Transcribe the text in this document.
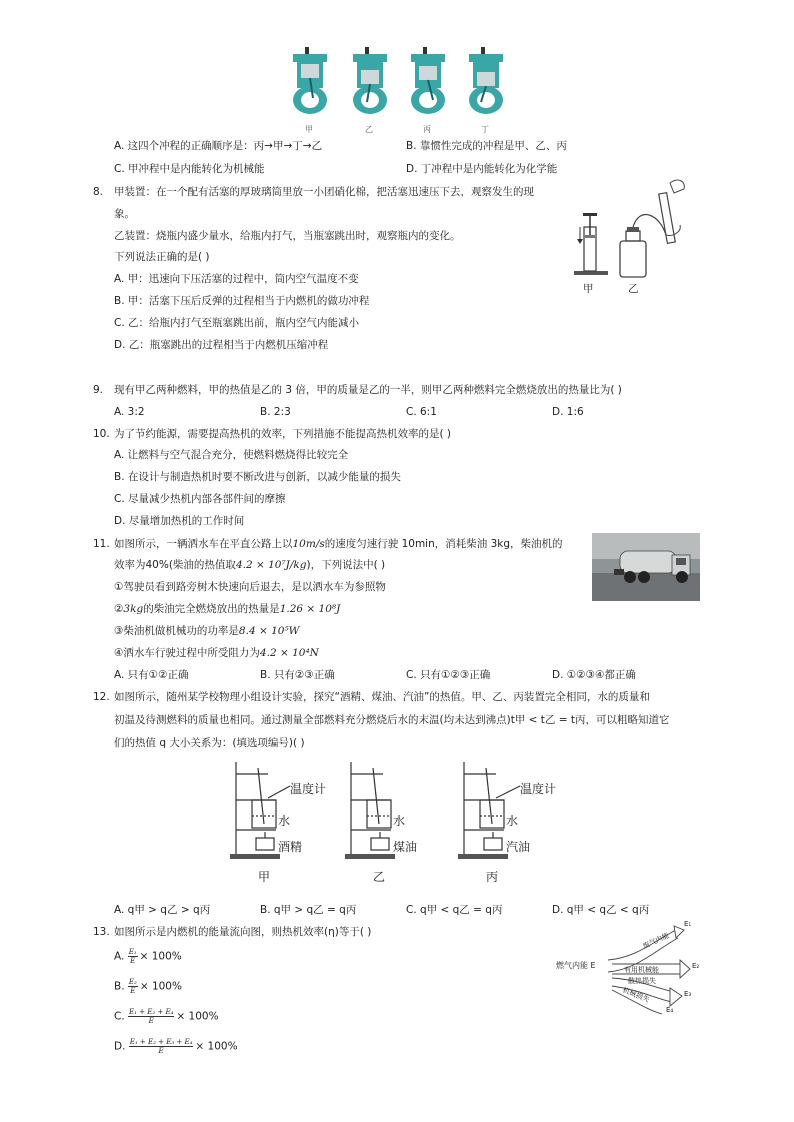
甲	乙	丙	丁
A. 这四个冲程的正确顺序是：丙→甲→丁→乙	B. 靠惯性完成的冲程是甲、乙、丙
C. 甲冲程中是内能转化为机械能	D. 丁冲程中是内能转化为化学能
8. 甲装置：在一个配有活塞的厚玻璃筒里放一小团硝化棉，把活塞迅速压下去，观察发生的现
象。
乙装置：烧瓶内盛少量水，给瓶内打气，当瓶塞跳出时，观察瓶内的变化。
下列说法正确的是( )
A. 甲：迅速向下压活塞的过程中，筒内空气温度不变
B. 甲：活塞下压后反弹的过程相当于内燃机的做功冲程
C. 乙：给瓶内打气至瓶塞跳出前，瓶内空气内能减小
D. 乙：瓶塞跳出的过程相当于内燃机压缩冲程
甲	乙
9. 现有甲乙两种燃料，甲的热值是乙的 3 倍，甲的质量是乙的一半，则甲乙两种燃料完全燃烧放出的热量比为( )
A. 3:2	B. 2:3	C. 6:1	D. 1:6
10. 为了节约能源，需要提高热机的效率，下列措施不能提高热机效率的是( )
A. 让燃料与空气混合充分，使燃料燃烧得比较完全
B. 在设计与制造热机时要不断改进与创新，以减少能量的损失
C. 尽量减少热机内部各部件间的摩擦
D. 尽量增加热机的工作时间
11. 如图所示，一辆洒水车在平直公路上以10m/s的速度匀速行驶 10min，消耗柴油 3kg，柴油机的
效率为40%(柴油的热值取4.2 × 10⁷J/kg)，下列说法中( )
①驾驶员看到路旁树木快速向后退去，是以洒水车为参照物
②3kg的柴油完全燃烧放出的热量是1.26 × 10⁸J
③柴油机做机械功的功率是8.4 × 10⁵W
④洒水车行驶过程中所受阻力为4.2 × 10⁴N
A. 只有①②正确	B. 只有②③正确	C. 只有①②③正确	D. ①②③④都正确
12. 如图所示，随州某学校物理小组设计实验，探究“酒精、煤油、汽油”的热值。甲、乙、丙装置完全相同，水的质量和
初温及待测燃料的质量也相同。通过测量全部燃料充分燃烧后水的末温(均未达到沸点)t甲 < t乙 = t丙，可以粗略知道它
们的热值 q 大小关系为：(填选项编号)( )
温度计
水
酒精
甲
水
煤油
乙
温度计
水
汽油
丙
A. q甲 > q乙 > q丙	B. q甲 > q乙 = q丙	C. q甲 < q乙 = q丙	D. q甲 < q乙 < q丙
13. 如图所示是内燃机的能量流向图，则热机效率(η)等于( )
A. $\frac{\text{E₁}}{E} \times 100\%$
B. $\frac{\text{E₂}}{E} \times 100\%$
C. $\frac{\text{E₁ + E₂ + E₄}}{E} \times 100\%$
D. $\frac{\text{E₁ + E₂ + E₃ + E₄}}{E} \times 100\%$
燃气内能 E
废气内能
有用机械能
散热损失
机械损失
E₁
E₂
E₃
E₄
